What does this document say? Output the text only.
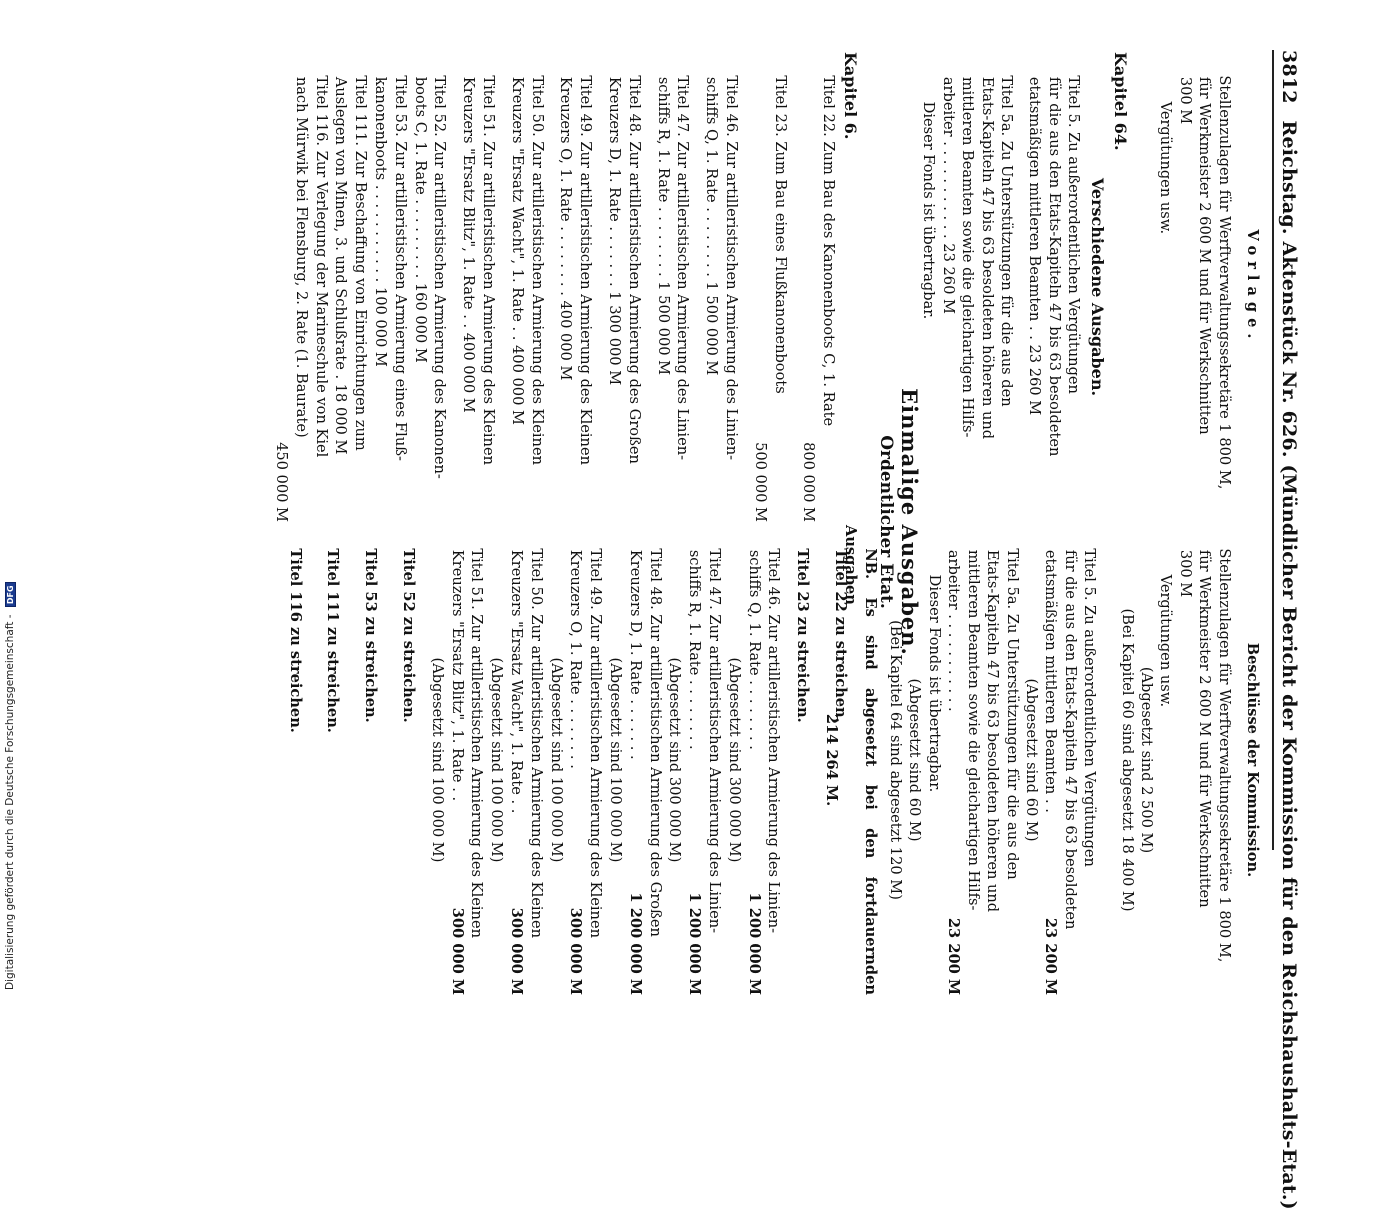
3812 Reichstag. Aktenstück Nr. 626. (Mündlicher Bericht der Kommission für den Reichshaushalts-Etat.)

Vorlage.

Stellenzulagen für Werftverwaltungssekretäre 1 800 M,

für Werkmeister 2 600 M und für Werkschnitten

300 M

Vergütungen usw.

Kapitel 64.

Verschiedene Ausgaben.

Titel 5. Zu außerordentlichen Vergütungen

für die aus den Etats-Kapiteln 47 bis 63 besoldeten

etatsmäßigen mittleren Beamten . . 23 260 M

Titel 5a. Zu Unterstützungen für die aus den

Etats-Kapiteln 47 bis 63 besoldeten höheren und

mittleren Beamten sowie die gleichartigen Hilfs-

arbeiter . . . . . . . . . . . 23 260 M

Dieser Fonds ist übertragbar.

Beschlüsse der Kommission.

Stellenzulagen für Werftverwaltungssekretäre 1 800 M,

für Werkmeister 2 600 M und für Werkschnitten

300 M

Vergütungen usw.

(Abgesetzt sind 2 500 M)

(Bei Kapitel 60 sind abgesetzt 18 400 M)

Titel 5. Zu außerordentlichen Vergütungen

für die aus den Etats-Kapiteln 47 bis 63 besoldeten

etatsmäßigen mittleren Beamten . .
23 200 M

(Abgesetzt sind 60 M)

Titel 5a. Zu Unterstützungen für die aus den

Etats-Kapiteln 47 bis 63 besoldeten höheren und

mittleren Beamten sowie die gleichartigen Hilfs-

arbeiter . . . . . . . . . . .
23 200 M

Dieser Fonds ist übertragbar.

(Abgesetzt sind 60 M)

(Bei Kapitel 64 sind abgesetzt 120 M)

NB. Es sind abgesetzt bei den fortdauernden Ausgaben

214 264 M.

Einmalige Ausgaben.
Ordentlicher Etat.

Kapitel 6.

Titel 22. Zum Bau des Kanonenboots C, 1. Rate

800 000 M

Titel 23. Zum Bau eines Flußkanonenboots

500 000 M

Titel 46. Zur artilleristischen Armierung des Linien-

schiffs Q, 1. Rate . . . . . . . . 1 500 000 M

Titel 47. Zur artilleristischen Armierung des Linien-

schiffs R, 1. Rate . . . . . . . . 1 500 000 M

Titel 48. Zur artilleristischen Armierung des Großen

Kreuzers D, 1. Rate . . . . . . . 1 300 000 M

Titel 49. Zur artilleristischen Armierung des Kleinen

Kreuzers O, 1. Rate . . . . . . . . 400 000 M

Titel 50. Zur artilleristischen Armierung des Kleinen

Kreuzers "Ersatz Wacht", 1. Rate . . 400 000 M

Titel 51. Zur artilleristischen Armierung des Kleinen

Kreuzers "Ersatz Blitz", 1. Rate . . 400 000 M

Titel 52. Zur artilleristischen Armierung des Kanonen-

boots C, 1. Rate . . . . . . . . . 160 000 M

Titel 53. Zur artilleristischen Armierung eines Fluß-

kanonenboots . . . . . . . . . . . 100 000 M

Titel 111. Zur Beschaffung von Einrichtungen zum

Auslegen von Minen, 3. und Schlußrate . 18 000 M

Titel 116. Zur Verlegung der Marineschule von Kiel

nach Mürwik bei Flensburg, 2. Rate (1. Baurate)

450 000 M

Titel 22 zu streichen.

Titel 23 zu streichen.

Titel 46. Zur artilleristischen Armierung des Linien-

schiffs Q, 1. Rate . . . . . . . .
1 200 000 M

(Abgesetzt sind 300 000 M)

Titel 47. Zur artilleristischen Armierung des Linien-

schiffs R, 1. Rate . . . . . . . .
1 200 000 M

(Abgesetzt sind 300 000 M)

Titel 48. Zur artilleristischen Armierung des Großen

Kreuzers D, 1. Rate . . . . . . .
1 200 000 M

(Abgesetzt sind 100 000 M)

Titel 49. Zur artilleristischen Armierung des Kleinen

Kreuzers O, 1. Rate . . . . . . . .
300 000 M

(Abgesetzt sind 100 000 M)

Titel 50. Zur artilleristischen Armierung des Kleinen

Kreuzers "Ersatz Wacht", 1. Rate . .
300 000 M

(Abgesetzt sind 100 000 M)

Titel 51. Zur artilleristischen Armierung des Kleinen

Kreuzers "Ersatz Blitz", 1. Rate . .
300 000 M

(Abgesetzt sind 100 000 M)

Titel 52 zu streichen.

Titel 53 zu streichen.

Titel 111 zu streichen.

Titel 116 zu streichen.

Digitalisierung gefördert durch die Deutsche Forschungsgemeinschaft - DFG
